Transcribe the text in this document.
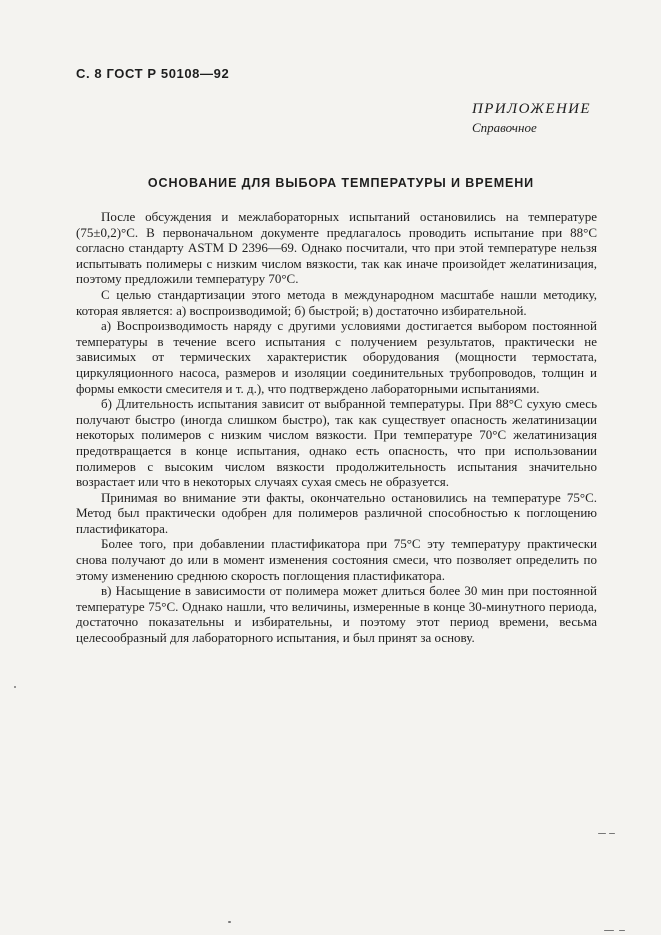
С. 8 ГОСТ Р 50108—92
ПРИЛОЖЕНИЕ
Справочное
ОСНОВАНИЕ ДЛЯ ВЫБОРА ТЕМПЕРАТУРЫ И ВРЕМЕНИ

После обсуждения и межлабораторных испытаний остановились на температуре (75±0,2)°С. В первоначальном документе предлагалось проводить испытание при 88°С согласно стандарту ASTM D 2396—69. Однако посчитали, что при этой температуре нельзя испытывать полимеры с низким числом вязкости, так как иначе произойдет желатинизация, поэтому предложили температуру 70°С.

С целью стандартизации этого метода в международном масштабе нашли методику, которая является: а) воспроизводимой; б) быстрой; в) достаточно избирательной.

а) Воспроизводимость наряду с другими условиями достигается выбором постоянной температуры в течение всего испытания с получением результатов, практически не зависимых от термических характеристик оборудования (мощности термостата, циркуляционного насоса, размеров и изоляции соединительных трубопроводов, толщин и формы емкости смесителя и т. д.), что подтверждено лабораторными испытаниями.

б) Длительность испытания зависит от выбранной температуры. При 88°С сухую смесь получают быстро (иногда слишком быстро), так как существует опасность желатинизации некоторых полимеров с низким числом вязкости. При температуре 70°С желатинизация предотвращается в конце испытания, однако есть опасность, что при использовании полимеров с высоким числом вязкости продолжительность испытания значительно возрастает или что в некоторых случаях сухая смесь не образуется.

Принимая во внимание эти факты, окончательно остановились на температуре 75°С. Метод был практически одобрен для полимеров различной способностью к поглощению пластификатора.

Более того, при добавлении пластификатора при 75°С эту температуру практически снова получают до или в момент изменения состояния смеси, что позволяет определить по этому изменению среднюю скорость поглощения пластификатора.

в) Насыщение в зависимости от полимера может длиться более 30 мин при постоянной температуре 75°С. Однако нашли, что величины, измеренные в конце 30-минутного периода, достаточно показательны и избирательны, и поэтому этот период времени, весьма целесообразный для лабораторного испытания, и был принят за основу.
